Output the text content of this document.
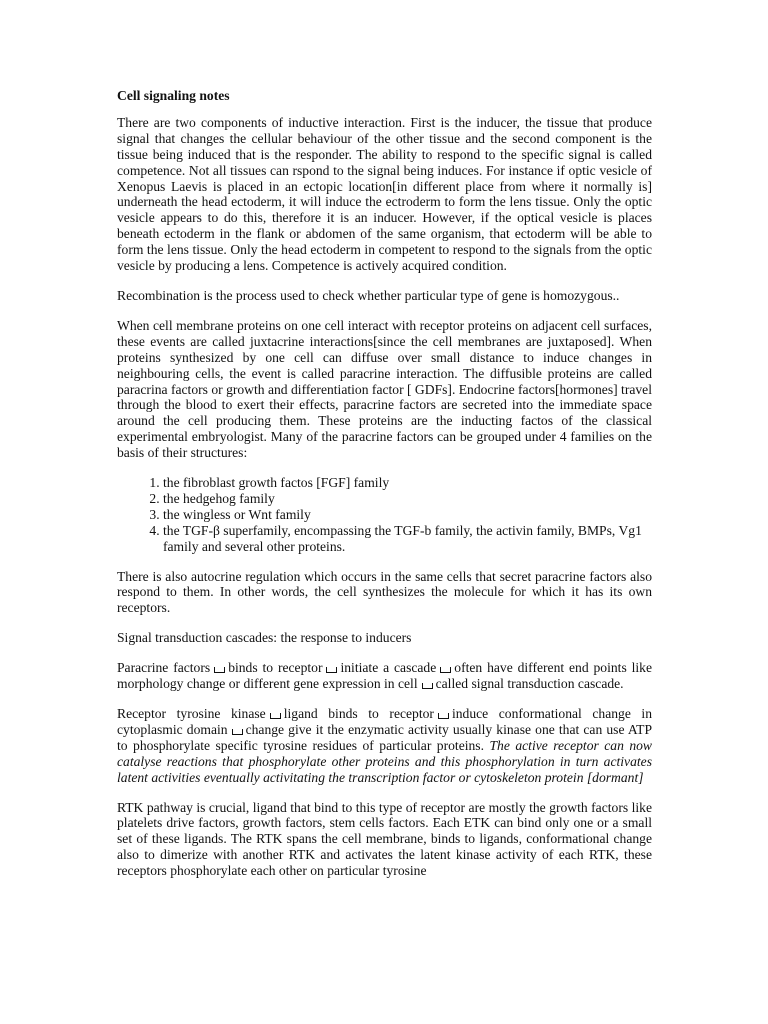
Cell signaling notes

There are two components of inductive interaction. First is the inducer, the tissue that produce signal that changes the cellular behaviour of the other tissue and the second component is the tissue being induced that is the responder. The ability to respond to the specific signal is called competence. Not all tissues can rspond to the signal being induces. For instance if optic vesicle of Xenopus Laevis is placed in an ectopic location[in different place from where it normally is] underneath the head ectoderm, it will induce the ectroderm to form the lens tissue. Only the optic vesicle appears to do this, therefore it is an inducer. However, if the optical vesicle is places beneath ectoderm in the flank or abdomen of the same organism, that ectoderm will be able to form the lens tissue. Only the head ectoderm in competent to respond to the signals from the optic vesicle by producing a lens. Competence is actively acquired condition.

Recombination is the process used to check whether particular type of gene is homozygous..

When cell membrane proteins on one cell interact with receptor proteins on adjacent cell surfaces, these events are called juxtacrine interactions[since the cell membranes are juxtaposed]. When proteins synthesized by one cell can diffuse over small distance to induce changes in neighbouring cells, the event is called paracrine interaction. The diffusible proteins are called paracrina factors or growth and differentiation factor [ GDFs]. Endocrine factors[hormones] travel through the blood to exert their effects, paracrine factors are secreted into the immediate space around the cell producing them. These proteins are the inducting factos of the classical experimental embryologist. Many of the paracrine factors can be grouped under 4 families on the basis of their structures:

1. the fibroblast growth factos [FGF] family
2. the hedgehog family
3. the wingless or Wnt family
4. the TGF-β superfamily, encompassing the TGF-b family, the activin family, BMPs, Vg1 family and several other proteins.

There is also autocrine regulation which occurs in the same cells that secret paracrine factors also respond to them. In other words, the cell synthesizes the molecule for which it has its own receptors.

Signal transduction cascades: the response to inducers

Paracrine factors binds to receptor initiate a cascade often have different end points like morphology change or different gene expression in cell called signal transduction cascade.

Receptor tyrosine kinase ligand binds to receptor induce conformational change in cytoplasmic domain change give it the enzymatic activity usually kinase one that can use ATP to phosphorylate specific tyrosine residues of particular proteins. The active receptor can now catalyse reactions that phosphorylate other proteins and this phosphorylation in turn activates latent activities eventually activitating the transcription factor or cytoskeleton protein [dormant]

RTK pathway is crucial, ligand that bind to this type of receptor are mostly the growth factors like platelets drive factors, growth factors, stem cells factors. Each ETK can bind only one or a small set of these ligands. The RTK spans the cell membrane, binds to ligands, conformational change also to dimerize with another RTK and activates the latent kinase activity of each RTK, these receptors phosphorylate each other on particular tyrosine
